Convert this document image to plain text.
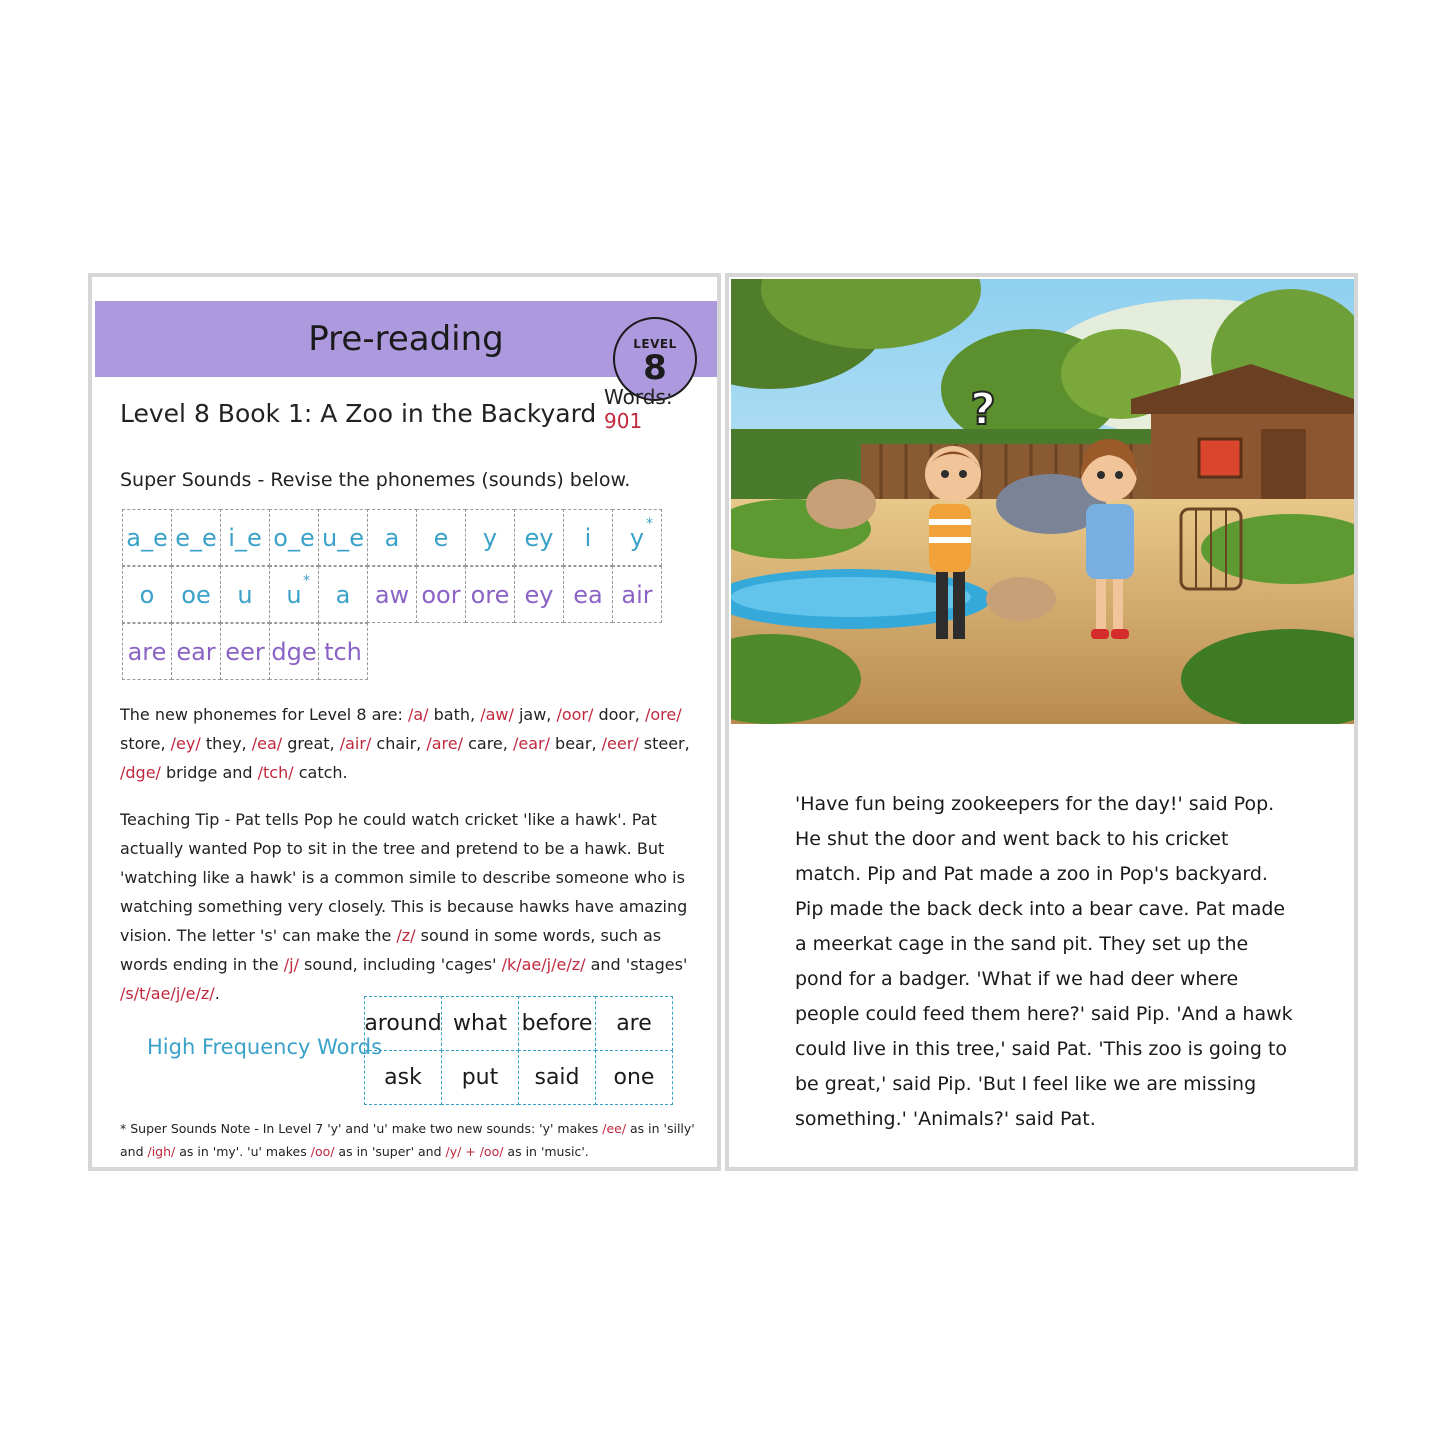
Pre-reading	LEVEL
8
Words: 901
Level 8 Book 1: A Zoo in the Backyard
Super Sounds - Revise the phonemes (sounds) below.
a_e e_e i_e o_e u_e a e y ey i y*
o oe u u* a aw oor ore ey ea air
are ear eer dge tch

The new phonemes for Level 8 are: /a/ bath, /aw/ jaw, /oor/ door, /ore/ store, /ey/ they, /ea/ great, /air/ chair, /are/ care, /ear/ bear, /eer/ steer, /dge/ bridge and /tch/ catch.

Teaching Tip - Pat tells Pop he could watch cricket 'like a hawk'. Pat actually wanted Pop to sit in the tree and pretend to be a hawk. But 'watching like a hawk' is a common simile to describe someone who is watching something very closely. This is because hawks have amazing vision. The letter 's' can make the /z/ sound in some words, such as words ending in the /j/ sound, including 'cages' /k/ae/j/e/z/ and 'stages' /s/t/ae/j/e/z/.

High Frequency Words
around what before	are
ask	put	said	one
* Super Sounds Note - In Level 7 'y' and 'u' make two new sounds: 'y' makes /ee/ as in 'silly' and /igh/ as in 'my'. 'u' makes /oo/ as in 'super' and /y/ + /oo/ as in 'music'.
?

'Have fun being zookeepers for the day!' said Pop. He shut the door and went back to his cricket match. Pip and Pat made a zoo in Pop's backyard. Pip made the back deck into a bear cave. Pat made a meerkat cage in the sand pit. They set up the pond for a badger. 'What if we had deer where people could feed them here?' said Pip. 'And a hawk could live in this tree,' said Pat. 'This zoo is going to be great,' said Pip. 'But I feel like we are missing something.' 'Animals?' said Pat.
